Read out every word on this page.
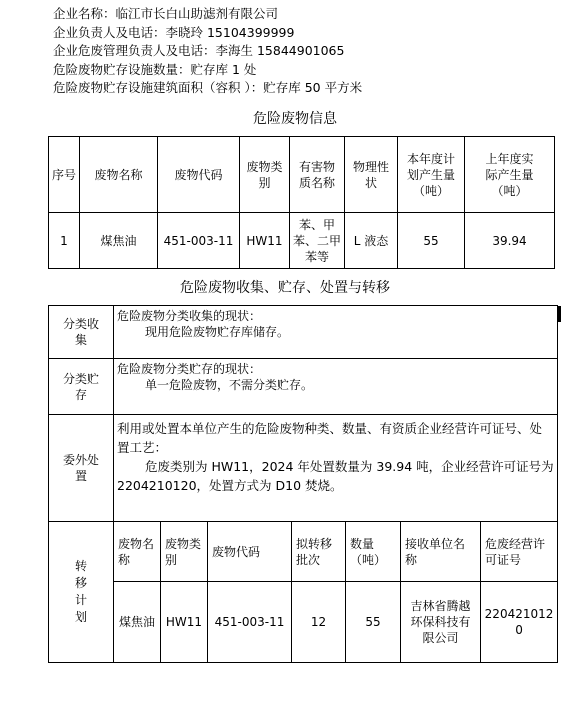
企业名称：临江市长白山助滤剂有限公司
企业负责人及电话：李晓玲 15104399999
企业危废管理负责人及电话：李海生 15844901065
危险废物贮存设施数量：贮存库 1 处
危险废物贮存设施建筑面积（容积 ）：贮存库 50 平方米
危险废物信息
序号	废物名称	废物代码	废物类别	有害物质名称	物理性状	本年度计划产生量（吨）	上年度实际产生量（吨）
1	煤焦油	451-003-11	HW11	苯、甲苯、二甲苯等	L 液态	55	39.94
危险废物收集、贮存、处置与转移
分类收集	危险废物分类收集的现状：
现用危险废物贮存库储存。						

分类贮存	危险废物分类贮存的现状：
单一危险废物，不需分类贮存。						

委外处置	利用或处置本单位产生的危险废物种类、数量、有资质企业经营许可证号、处置工艺：
危废类别为 HW11，2024 年处置数量为 39.94 吨，企业经营许可证号为 2204210120，处置方式为 D10 焚烧。						

转移计划	废物名称	废物类别	废物代码	拟转移批次	数量（吨）	接收单位名称	危废经营许可证号
	煤焦油	HW11	451-003-11	12	55	吉林省腾越环保科技有限公司	2204210120
